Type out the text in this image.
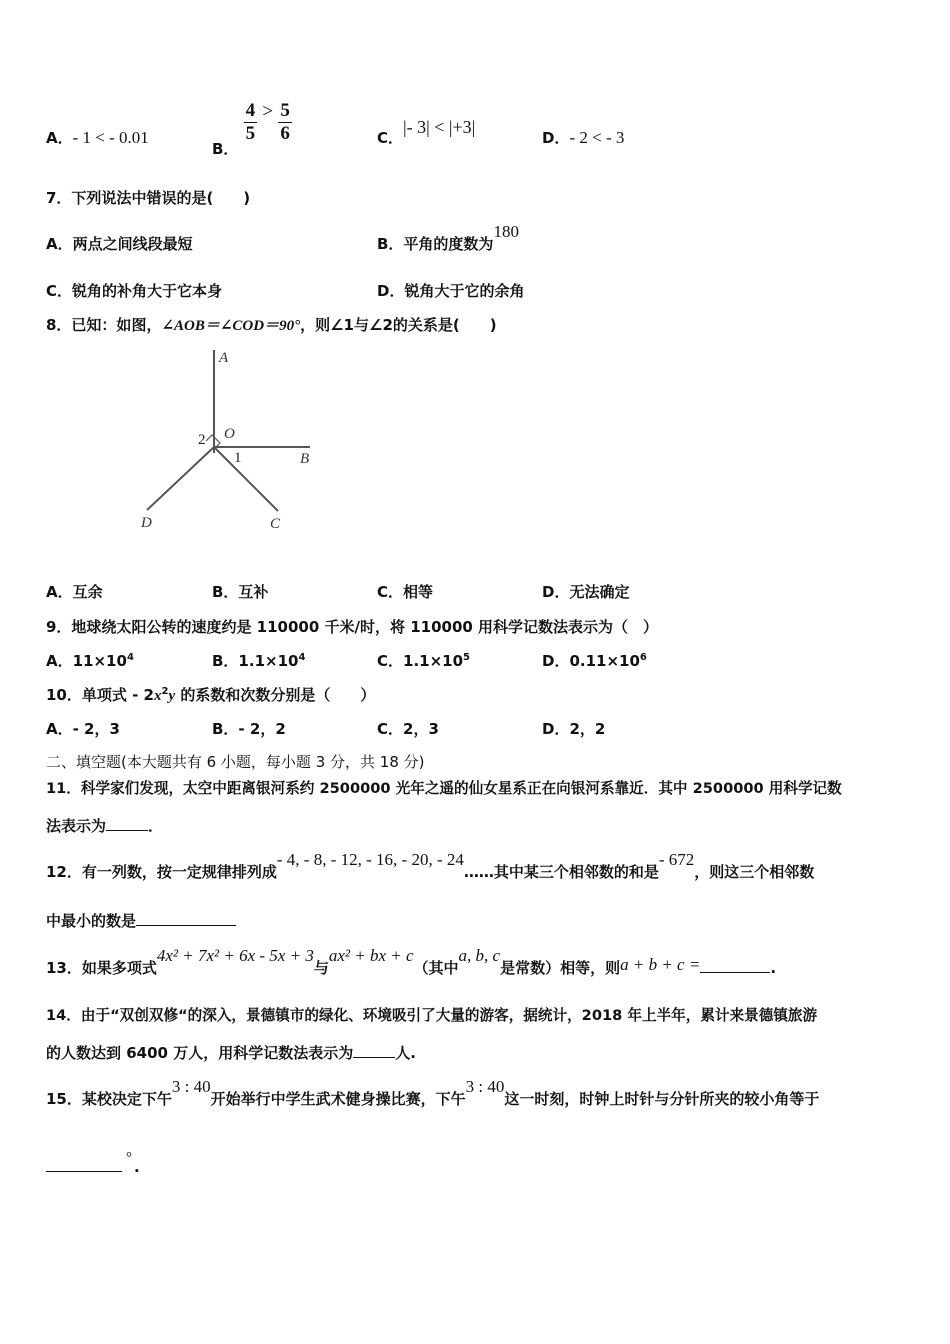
A．- 1 < - 0.01
B．
$\frac{4}{5} > \frac{5}{6}$	C．|- 3| < |+3|
D．- 2 < - 3
7．下列说法中错误的是(　　)
A．两点之间线段最短	B．平角的度数为180
C．锐角的补角大于它本身	D．锐角大于它的余角
8．已知：如图，∠AOB＝∠COD＝90°，则∠1与∠2的关系是(　　)
A
O
B
C
D
1
2
A．互余	B．互补	C．相等	D．无法确定
9．地球绕太阳公转的速度约是 110000 千米/时，将 110000 用科学记数法表示为（　）
A．$11\times 10^4$	B．$1.1\times 10^4$	C．$1.1\times 10^5$	D．$0.11\times 10^6$
10．单项式 - $2x^2y$ 的系数和次数分别是（　　）
A．- 2，3	B．- 2，2	C．2，3	D．2，2
二、填空题(本大题共有 6 小题，每小题 3 分，共 18 分)
11．科学家们发现，太空中距离银河系约 2500000 光年之遥的仙女星系正在向银河系靠近．其中 2500000 用科学记数
法表示为	．
12．有一列数，按一定规律排列成- 4, - 8, - 12, - 16, - 20, - 24……其中某三个相邻数的和是- 672，则这三个相邻数
中最小的数是
13．如果多项式4x² + 7x² + 6x - 5x + 3与ax² + bx + c（其中a, b, c是常数）相等，则a + b + c =	.
14．由于“双创双修“的深入，景德镇市的绿化、环境吸引了大量的游客，据统计，2018 年上半年，累计来景德镇旅游
的人数达到 6400 万人，用科学记数法表示为	人.
15．某校决定下午3 : 40开始举行中学生武术健身操比赛，下午3 : 40这一时刻，时钟上时针与分针所夹的较小角等于
° .
